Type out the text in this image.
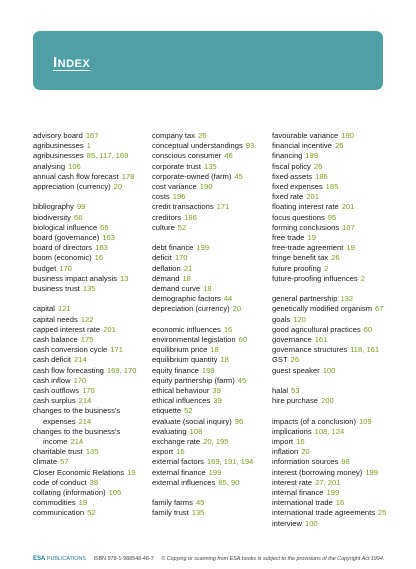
Index
advisory board 167
agribusinesses 1
agribusinesses 85, 117, 169
analysing 106
annual cash flow forecast 178
appreciation (currency) 20
bibliography 99
biodiversity 66
biological influence 66
board (governance) 163
board of directors 163
boom (economic) 16
budget 170
business impact analysis 13
business trust 135
capital 121
capital needs 122
capped interest rate 201
cash balance 175
cash conversion cycle 171
cash deficit 214
cash flow forecasting 169, 170
cash inflow 170
cash outflows 170
cash surplus 214
changes to the business's
expenses 214
changes to the business's
income 214
charitable trust 135
climate 57
Closer Economic Relations 19
code of conduct 39
collating (information) 105
commodities 19
communication 52
company tax 26
conceptual understandings 93
conscious consumer 46
corporate trust 135
corporate-owned (farm) 45
cost variance 190
costs 196
credit transactions 171
creditors 186
culture 52
debt finance 199
deficit 170
deflation 21
demand 18
demand curve 18
demographic factors 44
depreciation (currency) 20
economic influences 16
environmental legislation 60
equilibrium price 18
equilibrium quantity 18
equity finance 199
equity partnership (farm) 45
ethical behaviour 39
ethical influences 39
etiquette 52
evaluate (social inquiry) 96
evaluating 108
exchange rate 20, 195
export 16
external factors 169, 191, 194
external finance 199
external influences 85, 90
family farms 45
family trust 135
favourable variance 190
financial incentive 26
financing 199
fiscal policy 26
fixed assets 186
fixed expenses 185
fixed rate 201
floating interest rate 201
focus questions 95
forming conclusions 107
free trade 19
free-trade agreement 19
fringe benefit tax 26
future proofing 2
future-proofing influences 2
general partnership 132
genetically modified organism 67
goals 120
good agricultural practices 60
governance 161
governance structures 118, 161
GST 26
guest speaker 100
halal 53
hire purchase 200
impacts (of a conclusion) 109
implications 108, 124
import 16
inflation 20
information sources 98
interest (borrowing money) 199
interest rate 27, 201
internal finance 199
international trade 16
international trade agreements 25
interview 100
ESA PUBLICATIONS ISBN 978-1-988548-48-7 © Copying or scanning from ESA books is subject to the provisions of the Copyright Act 1994.
